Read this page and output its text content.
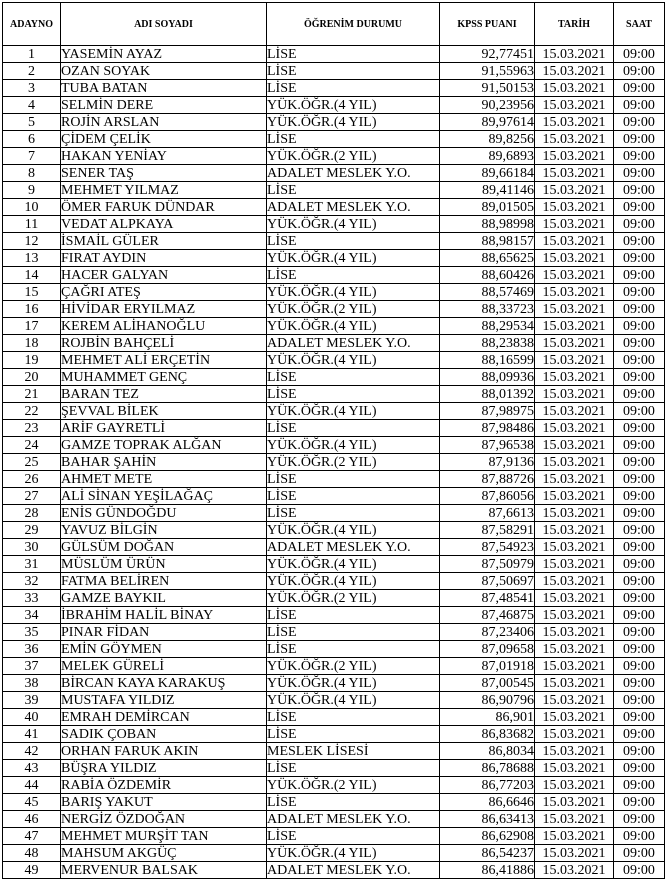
ADAYNO	ADI SOYADI	ÖĞRENİM DURUMU	KPSS PUANI	TARİH	SAAT
1	YASEMİN AYAZ	LİSE	92,77451	15.03.2021	09:00
2	OZAN SOYAK	LİSE	91,55963	15.03.2021	09:00
3	TUBA BATAN	LİSE	91,50153	15.03.2021	09:00
4	SELMİN DERE	YÜK.ÖĞR.(4 YIL)	90,23956	15.03.2021	09:00
5	ROJİN ARSLAN	YÜK.ÖĞR.(4 YIL)	89,97614	15.03.2021	09:00
6	ÇİDEM ÇELİK	LİSE	89,8256	15.03.2021	09:00
7	HAKAN YENİAY	YÜK.ÖĞR.(2 YIL)	89,6893	15.03.2021	09:00
8	SENER TAŞ	ADALET MESLEK Y.O.	89,66184	15.03.2021	09:00
9	MEHMET YILMAZ	LİSE	89,41146	15.03.2021	09:00
10	ÖMER FARUK DÜNDAR	ADALET MESLEK Y.O.	89,01505	15.03.2021	09:00
11	VEDAT ALPKAYA	YÜK.ÖĞR.(4 YIL)	88,98998	15.03.2021	09:00
12	İSMAİL GÜLER	LİSE	88,98157	15.03.2021	09:00
13	FIRAT AYDIN	YÜK.ÖĞR.(4 YIL)	88,65625	15.03.2021	09:00
14	HACER GALYAN	LİSE	88,60426	15.03.2021	09:00
15	ÇAĞRI ATEŞ	YÜK.ÖĞR.(4 YIL)	88,57469	15.03.2021	09:00
16	HİVİDAR ERYILMAZ	YÜK.ÖĞR.(2 YIL)	88,33723	15.03.2021	09:00
17	KEREM ALİHANOĞLU	YÜK.ÖĞR.(4 YIL)	88,29534	15.03.2021	09:00
18	ROJBİN BAHÇELİ	ADALET MESLEK Y.O.	88,23838	15.03.2021	09:00
19	MEHMET ALİ ERÇETİN	YÜK.ÖĞR.(4 YIL)	88,16599	15.03.2021	09:00
20	MUHAMMET GENÇ	LİSE	88,09936	15.03.2021	09:00
21	BARAN TEZ	LİSE	88,01392	15.03.2021	09:00
22	ŞEVVAL BİLEK	YÜK.ÖĞR.(4 YIL)	87,98975	15.03.2021	09:00
23	ARİF GAYRETLİ	LİSE	87,98486	15.03.2021	09:00
24	GAMZE TOPRAK ALĞAN	YÜK.ÖĞR.(4 YIL)	87,96538	15.03.2021	09:00
25	BAHAR ŞAHİN	YÜK.ÖĞR.(2 YIL)	87,9136	15.03.2021	09:00
26	AHMET METE	LİSE	87,88726	15.03.2021	09:00
27	ALİ SİNAN YEŞİLAĞAÇ	LİSE	87,86056	15.03.2021	09:00
28	ENİS GÜNDOĞDU	LİSE	87,6613	15.03.2021	09:00
29	YAVUZ BİLGİN	YÜK.ÖĞR.(4 YIL)	87,58291	15.03.2021	09:00
30	GÜLSÜM DOĞAN	ADALET MESLEK Y.O.	87,54923	15.03.2021	09:00
31	MÜSLÜM ÜRÜN	YÜK.ÖĞR.(4 YIL)	87,50979	15.03.2021	09:00
32	FATMA BELİREN	YÜK.ÖĞR.(4 YIL)	87,50697	15.03.2021	09:00
33	GAMZE BAYKIL	YÜK.ÖĞR.(2 YIL)	87,48541	15.03.2021	09:00
34	İBRAHİM HALİL BİNAY	LİSE	87,46875	15.03.2021	09:00
35	PINAR FİDAN	LİSE	87,23406	15.03.2021	09:00
36	EMİN GÖYMEN	LİSE	87,09658	15.03.2021	09:00
37	MELEK GÜRELİ	YÜK.ÖĞR.(2 YIL)	87,01918	15.03.2021	09:00
38	BİRCAN KAYA KARAKUŞ	YÜK.ÖĞR.(4 YIL)	87,00545	15.03.2021	09:00
39	MUSTAFA YILDIZ	YÜK.ÖĞR.(4 YIL)	86,90796	15.03.2021	09:00
40	EMRAH DEMİRCAN	LİSE	86,901	15.03.2021	09:00
41	SADIK ÇOBAN	LİSE	86,83682	15.03.2021	09:00
42	ORHAN FARUK AKIN	MESLEK LİSESİ	86,8034	15.03.2021	09:00
43	BÜŞRA YILDIZ	LİSE	86,78688	15.03.2021	09:00
44	RABİA ÖZDEMİR	YÜK.ÖĞR.(2 YIL)	86,77203	15.03.2021	09:00
45	BARIŞ YAKUT	LİSE	86,6646	15.03.2021	09:00
46	NERGİZ ÖZDOĞAN	ADALET MESLEK Y.O.	86,63413	15.03.2021	09:00
47	MEHMET MURŞİT TAN	LİSE	86,62908	15.03.2021	09:00
48	MAHSUM AKGÜÇ	YÜK.ÖĞR.(4 YIL)	86,54237	15.03.2021	09:00
49	MERVENUR BALSAK	ADALET MESLEK Y.O.	86,41886	15.03.2021	09:00
